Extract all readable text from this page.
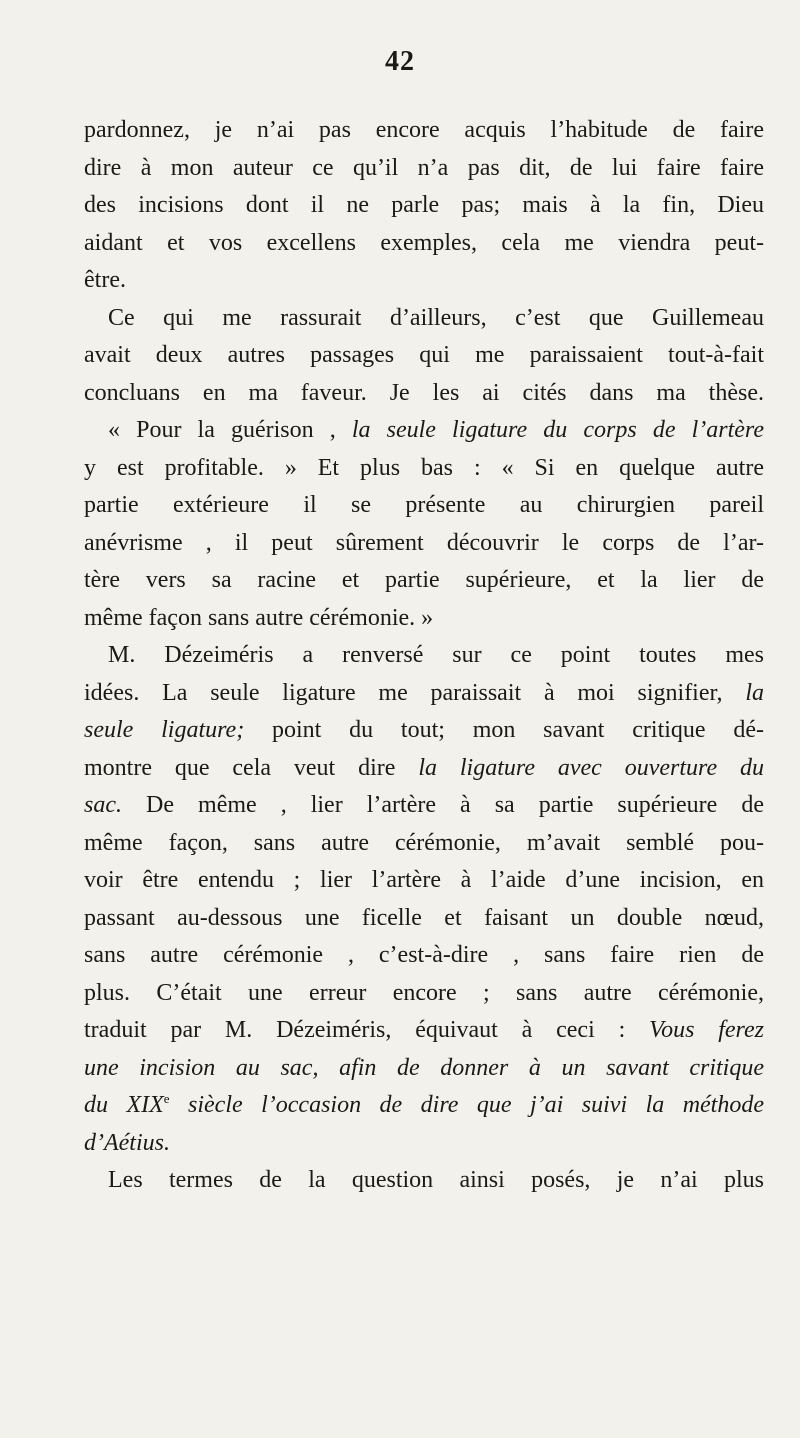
42
pardonnez, je n’ai pas encore acquis l’habitude de faire
dire à mon auteur ce qu’il n’a pas dit, de lui faire faire
des incisions dont il ne parle pas; mais à la fin, Dieu
aidant et vos excellens exemples, cela me viendra peut-
être.
Ce qui me rassurait d’ailleurs, c’est que Guillemeau
avait deux autres passages qui me paraissaient tout-à-fait
concluans en ma faveur. Je les ai cités dans ma thèse.
« Pour la guérison , la seule ligature du corps de l’artère
y est profitable. » Et plus bas : « Si en quelque autre
partie extérieure il se présente au chirurgien pareil
anévrisme , il peut sûrement découvrir le corps de l’ar-
tère vers sa racine et partie supérieure, et la lier de
même façon sans autre cérémonie. »
M. Dézeiméris a renversé sur ce point toutes mes
idées. La seule ligature me paraissait à moi signifier, la
seule ligature; point du tout; mon savant critique dé-
montre que cela veut dire la ligature avec ouverture du
sac. De même , lier l’artère à sa partie supérieure de
même façon, sans autre cérémonie, m’avait semblé pou-
voir être entendu ; lier l’artère à l’aide d’une incision, en
passant au-dessous une ficelle et faisant un double nœud,
sans autre cérémonie , c’est-à-dire , sans faire rien de
plus. C’était une erreur encore ; sans autre cérémonie,
traduit par M. Dézeiméris, équivaut à ceci : Vous ferez
une incision au sac, afin de donner à un savant critique
du XIXe siècle l’occasion de dire que j’ai suivi la méthode
d’Aétius.
Les termes de la question ainsi posés, je n’ai plus
